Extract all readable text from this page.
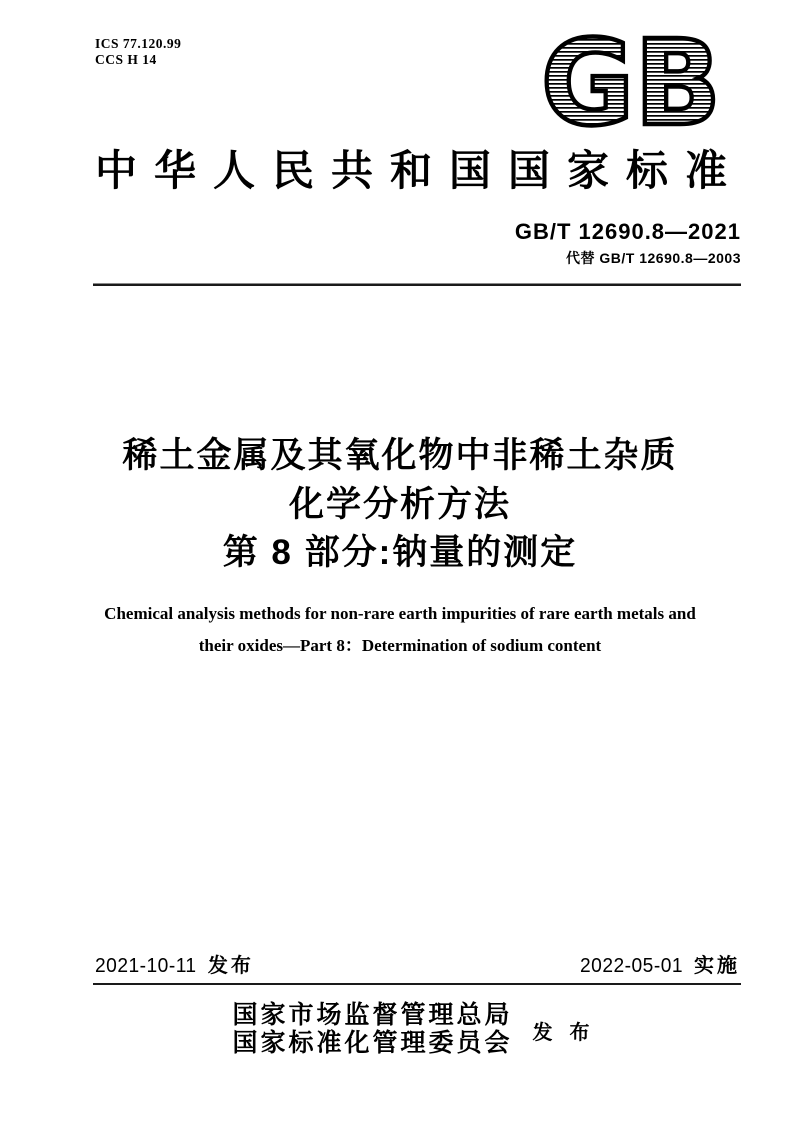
ICS 77.120.99
CCS H 14	GB
中华人民共和国国家标准
GB/T 12690.8—2021
代替 GB/T 12690.8—2003
稀土金属及其氧化物中非稀土杂质
化学分析方法
第 8 部分:钠量的测定
Chemical analysis methods for non-rare earth impurities of rare earth metals and
their oxides—Part 8：Determination of sodium content
2021-10-11 发布	2022-05-01 实施
国家市场监督管理总局
国家标准化管理委员会 发 布
